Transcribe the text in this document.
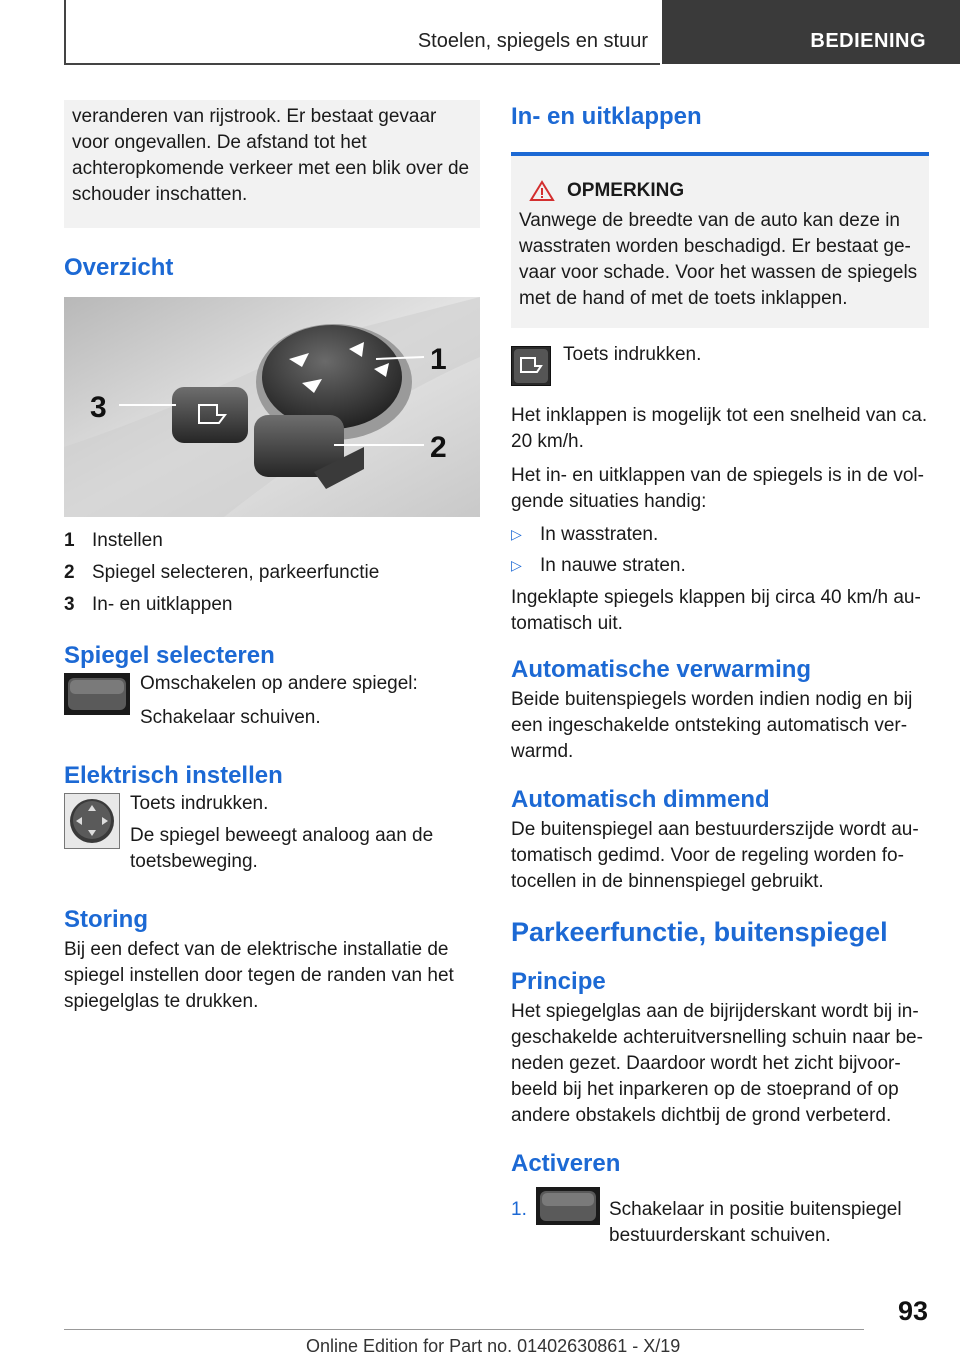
Stoelen, spiegels en stuur	BEDIENING

veranderen van rijstrook. Er bestaat gevaar voor ongevallen. De afstand tot het achteropkomende verkeer met een blik over de schouder inschatten.

Overzicht
1
2
3
1 Instellen
2 Spiegel selecteren, parkeerfunctie
3 In- en uitklappen
Spiegel selecteren

Omschakelen op andere spiegel:

Schakelaar schuiven.

Elektrisch instellen

Toets indrukken.

De spiegel beweegt analoog aan de toetsbeweging.

Storing

Bij een defect van de elektrische installatie de spiegel instellen door tegen de randen van het spiegelglas te drukken.

In- en uitklappen
OPMERKING

Vanwege de breedte van de auto kan deze in wasstraten worden beschadigd. Er bestaat gevaar voor schade. Voor het wassen de spiegels met de hand of met de toets inklappen.

Toets indrukken.

Het inklappen is mogelijk tot een snelheid van ca. 20 km/h.

Het in- en uitklappen van de spiegels is in de volgende situaties handig:

▷ In wasstraten.
▷ In nauwe straten.

Ingeklapte spiegels klappen bij circa 40 km/h automatisch uit.

Automatische verwarming

Beide buitenspiegels worden indien nodig en bij een ingeschakelde ontsteking automatisch verwarmd.

Automatisch dimmend

De buitenspiegel aan bestuurderszijde wordt automatisch gedimd. Voor de regeling worden fotocellen in de binnenspiegel gebruikt.

Parkeerfunctie, buitenspiegel
Principe

Het spiegelglas aan de bijrijderskant wordt bij ingeschakelde achteruitversnelling schuin naar beneden gezet. Daardoor wordt het zicht bijvoorbeeld bij het inparkeren op de stoeprand of op andere obstakels dichtbij de grond verbeterd.

Activeren
1.	Schakelaar in positie buitenspiegel bestuurderskant schuiven.

93
Online Edition for Part no. 01402630861 - X/19
